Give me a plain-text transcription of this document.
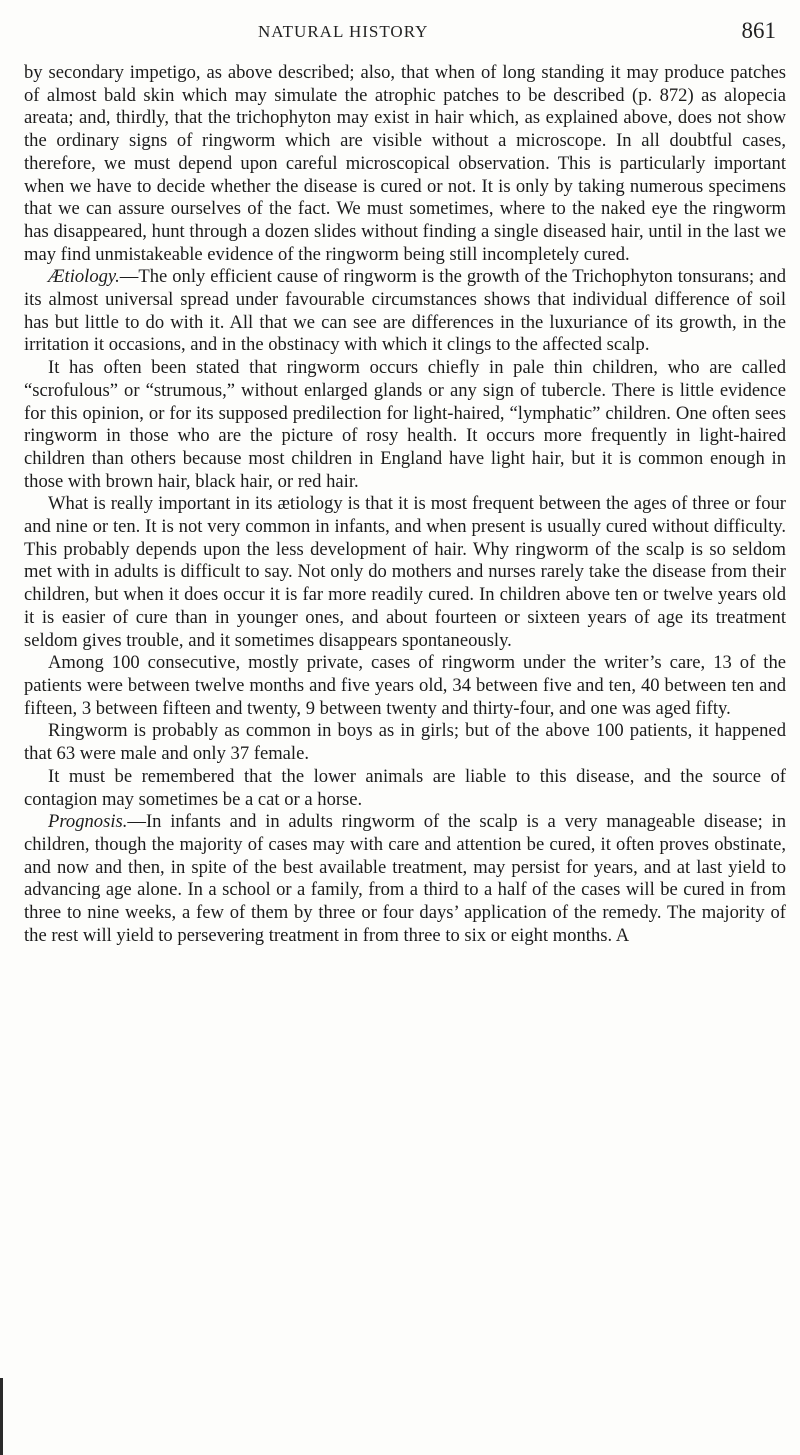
NATURAL HISTORY	861

by secondary impetigo, as above described; also, that when of long standing it may produce patches of almost bald skin which may simulate the atrophic patches to be described (p. 872) as alopecia areata; and, thirdly, that the trichophyton may exist in hair which, as explained above, does not show the ordinary signs of ringworm which are visible without a microscope. In all doubtful cases, therefore, we must depend upon careful microscopical observation. This is particularly important when we have to decide whether the disease is cured or not. It is only by taking numerous specimens that we can assure ourselves of the fact. We must sometimes, where to the naked eye the ringworm has disappeared, hunt through a dozen slides without finding a single diseased hair, until in the last we may find unmistakeable evidence of the ringworm being still incompletely cured.

Ætiology.—The only efficient cause of ringworm is the growth of the Trichophyton tonsurans; and its almost universal spread under favourable circumstances shows that individual difference of soil has but little to do with it. All that we can see are differences in the luxuriance of its growth, in the irritation it occasions, and in the obstinacy with which it clings to the affected scalp.

It has often been stated that ringworm occurs chiefly in pale thin children, who are called “scrofulous” or “strumous,” without enlarged glands or any sign of tubercle. There is little evidence for this opinion, or for its supposed predilection for light-haired, “lymphatic” children. One often sees ringworm in those who are the picture of rosy health. It occurs more frequently in light-haired children than others because most children in England have light hair, but it is common enough in those with brown hair, black hair, or red hair.

What is really important in its ætiology is that it is most frequent between the ages of three or four and nine or ten. It is not very common in infants, and when present is usually cured without difficulty. This probably depends upon the less development of hair. Why ringworm of the scalp is so seldom met with in adults is difficult to say. Not only do mothers and nurses rarely take the disease from their children, but when it does occur it is far more readily cured. In children above ten or twelve years old it is easier of cure than in younger ones, and about fourteen or sixteen years of age its treatment seldom gives trouble, and it sometimes disappears spontaneously.

Among 100 consecutive, mostly private, cases of ringworm under the writer’s care, 13 of the patients were between twelve months and five years old, 34 between five and ten, 40 between ten and fifteen, 3 between fifteen and twenty, 9 between twenty and thirty-four, and one was aged fifty.

Ringworm is probably as common in boys as in girls; but of the above 100 patients, it happened that 63 were male and only 37 female.

It must be remembered that the lower animals are liable to this disease, and the source of contagion may sometimes be a cat or a horse.

Prognosis.—In infants and in adults ringworm of the scalp is a very manageable disease; in children, though the majority of cases may with care and attention be cured, it often proves obstinate, and now and then, in spite of the best available treatment, may persist for years, and at last yield to advancing age alone. In a school or a family, from a third to a half of the cases will be cured in from three to nine weeks, a few of them by three or four days’ application of the remedy. The majority of the rest will yield to persevering treatment in from three to six or eight months. A
